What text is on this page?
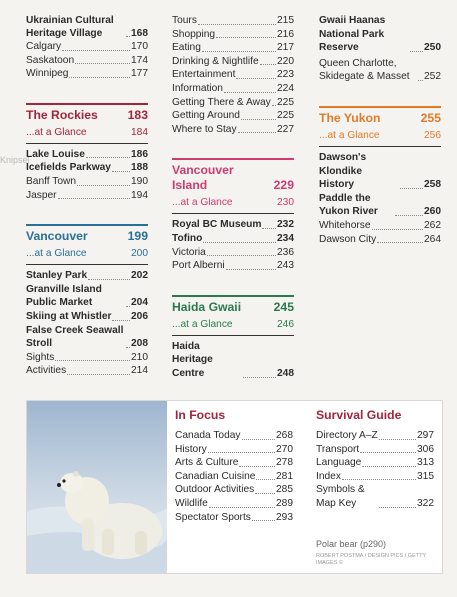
Knipsel
Ukrainian Cultural Heritage Village	168
Calgary	170
Saskatoon	174
Winnipeg	177
The Rockies 183
...at a Glance	184
Lake Louise	186
Icefields Parkway 188
Banff Town	190
Jasper	194
Vancouver	199
...at a Glance	200
Stanley Park	202
Granville Island Public Market	204
Skiing at Whistler 206
False Creek Seawall Stroll	208
Sights	210
Activities	214
Tours	215
Shopping	216
Eating	217
Drinking & Nightlife 220
Entertainment	223
Information	224
Getting There & Away 225
Getting Around	225
Where to Stay	227
Vancouver Island	229
...at a Glance	230
Royal BC Museum 232
Tofino	234
Victoria	236
Port Alberni	243
Haida Gwaii	245
...at a Glance	246
Haida Heritage Centre	248
Gwaii Haanas National Park Reserve	250
Queen Charlotte, Skidegate & Masset	252
The Yukon	255
...at a Glance	256
Dawson's Klondike History	258
Paddle the Yukon River	260
Whitehorse	262
Dawson City	264
In Focus
Canada Today	268
History	270
Arts & Culture	278
Canadian Cuisine 281
Outdoor Activities 285
Wildlife	289
Spectator Sports 293
Survival Guide
Directory A–Z	297
Transport	306
Language	313
Index	315
Symbols & Map Key	322
Polar bear (p290)
ROBERT POSTMA / DESIGN PICS / GETTY IMAGES ©
